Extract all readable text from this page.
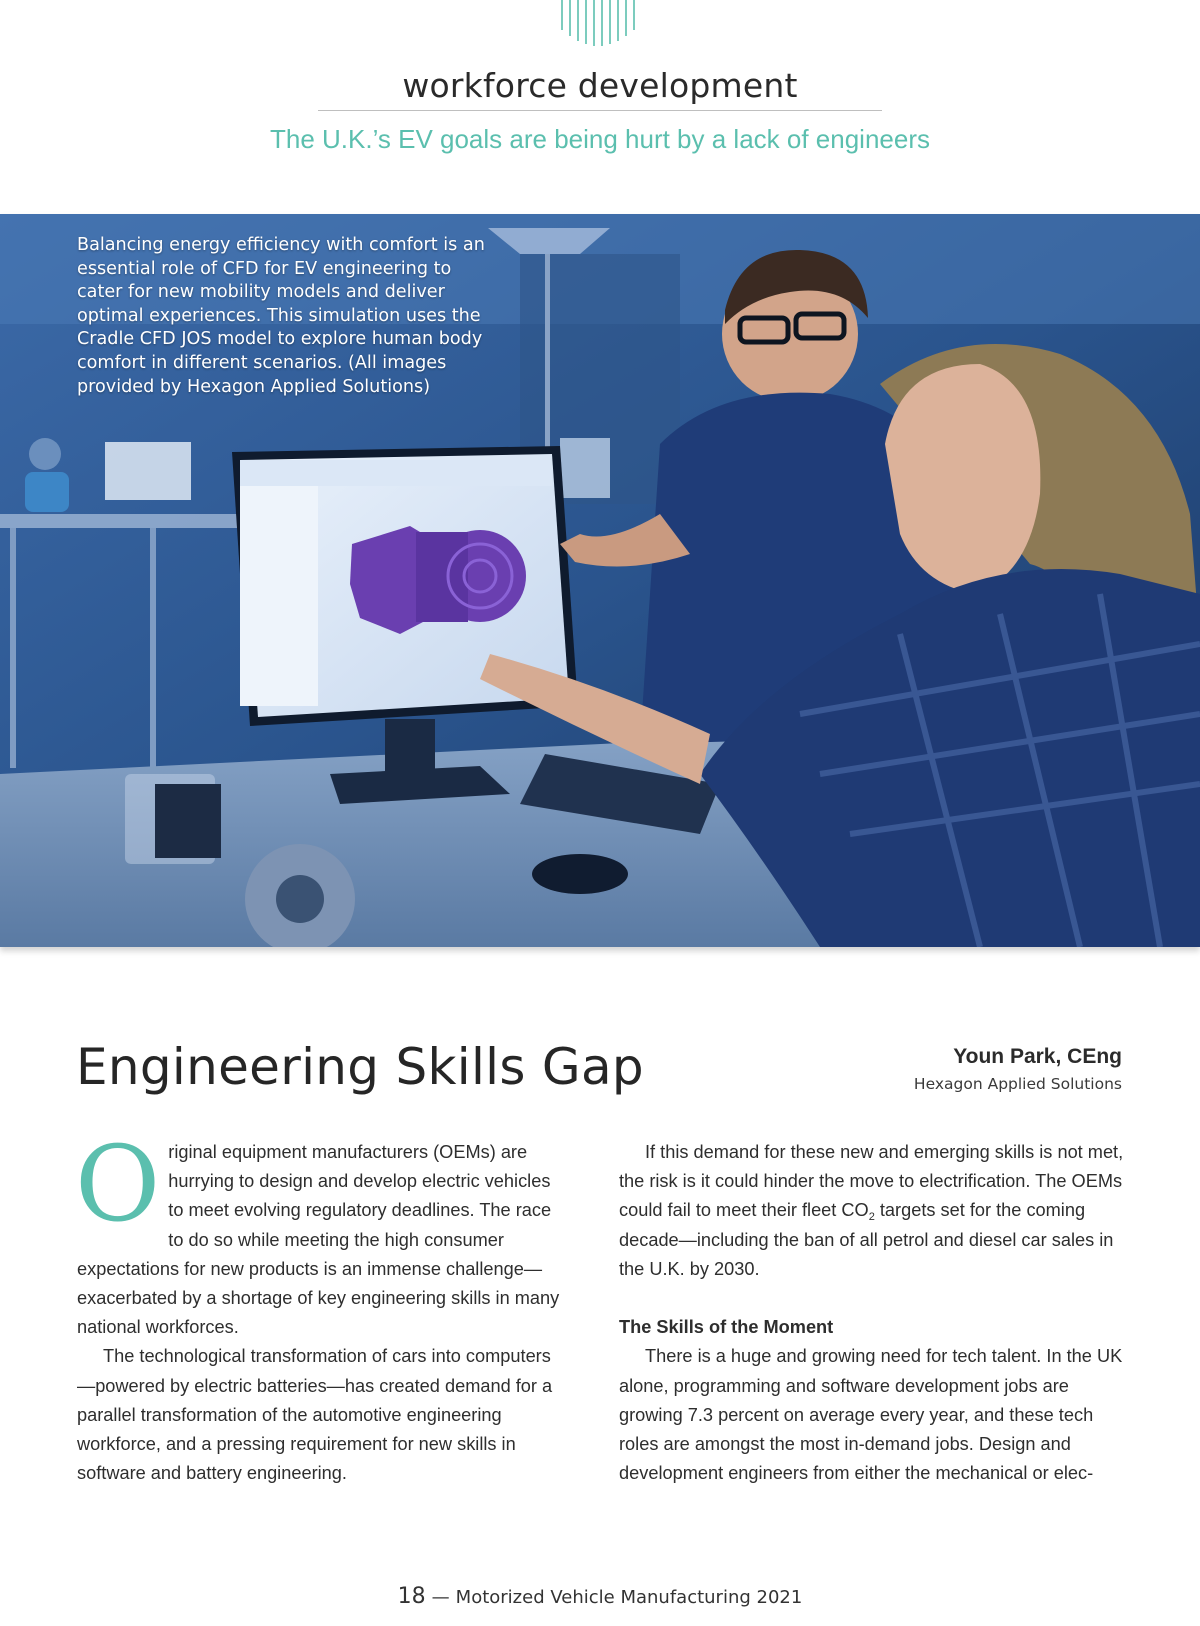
workforce development
The U.K.’s EV goals are being hurt by a lack of engineers
Balancing energy efficiency with comfort is an essential role of CFD for EV engineering to cater for new mobility models and deliver optimal experiences. This simulation uses the Cradle CFD JOS model to explore human body comfort in different scenarios. (All images provided by Hexagon Applied Solutions)
Engineering Skills Gap	Youn Park, CEng
Hexagon Applied Solutions

Original equipment manufacturers (OEMs) are hurrying to design and develop electric vehicles to meet evolving regulatory deadlines. The race to do so while meeting the high consumer expectations for new products is an immense challenge—exacerbated by a shortage of key engineering skills in many national workforces.

The technological transformation of cars into computers—powered by electric batteries—has created demand for a parallel transformation of the automotive engineering workforce, and a pressing requirement for new skills in software and battery engineering.

If this demand for these new and emerging skills is not met, the risk is it could hinder the move to electrification. The OEMs could fail to meet their fleet $CO_2$ targets set for the coming decade—including the ban of all petrol and diesel car sales in the U.K. by 2030.

The Skills of the Moment

There is a huge and growing need for tech talent. In the UK alone, programming and software development jobs are growing 7.3 percent on average every year, and these tech roles are amongst the most in-demand jobs. Design and development engineers from either the mechanical or elec-

18 — Motorized Vehicle Manufacturing 2021
